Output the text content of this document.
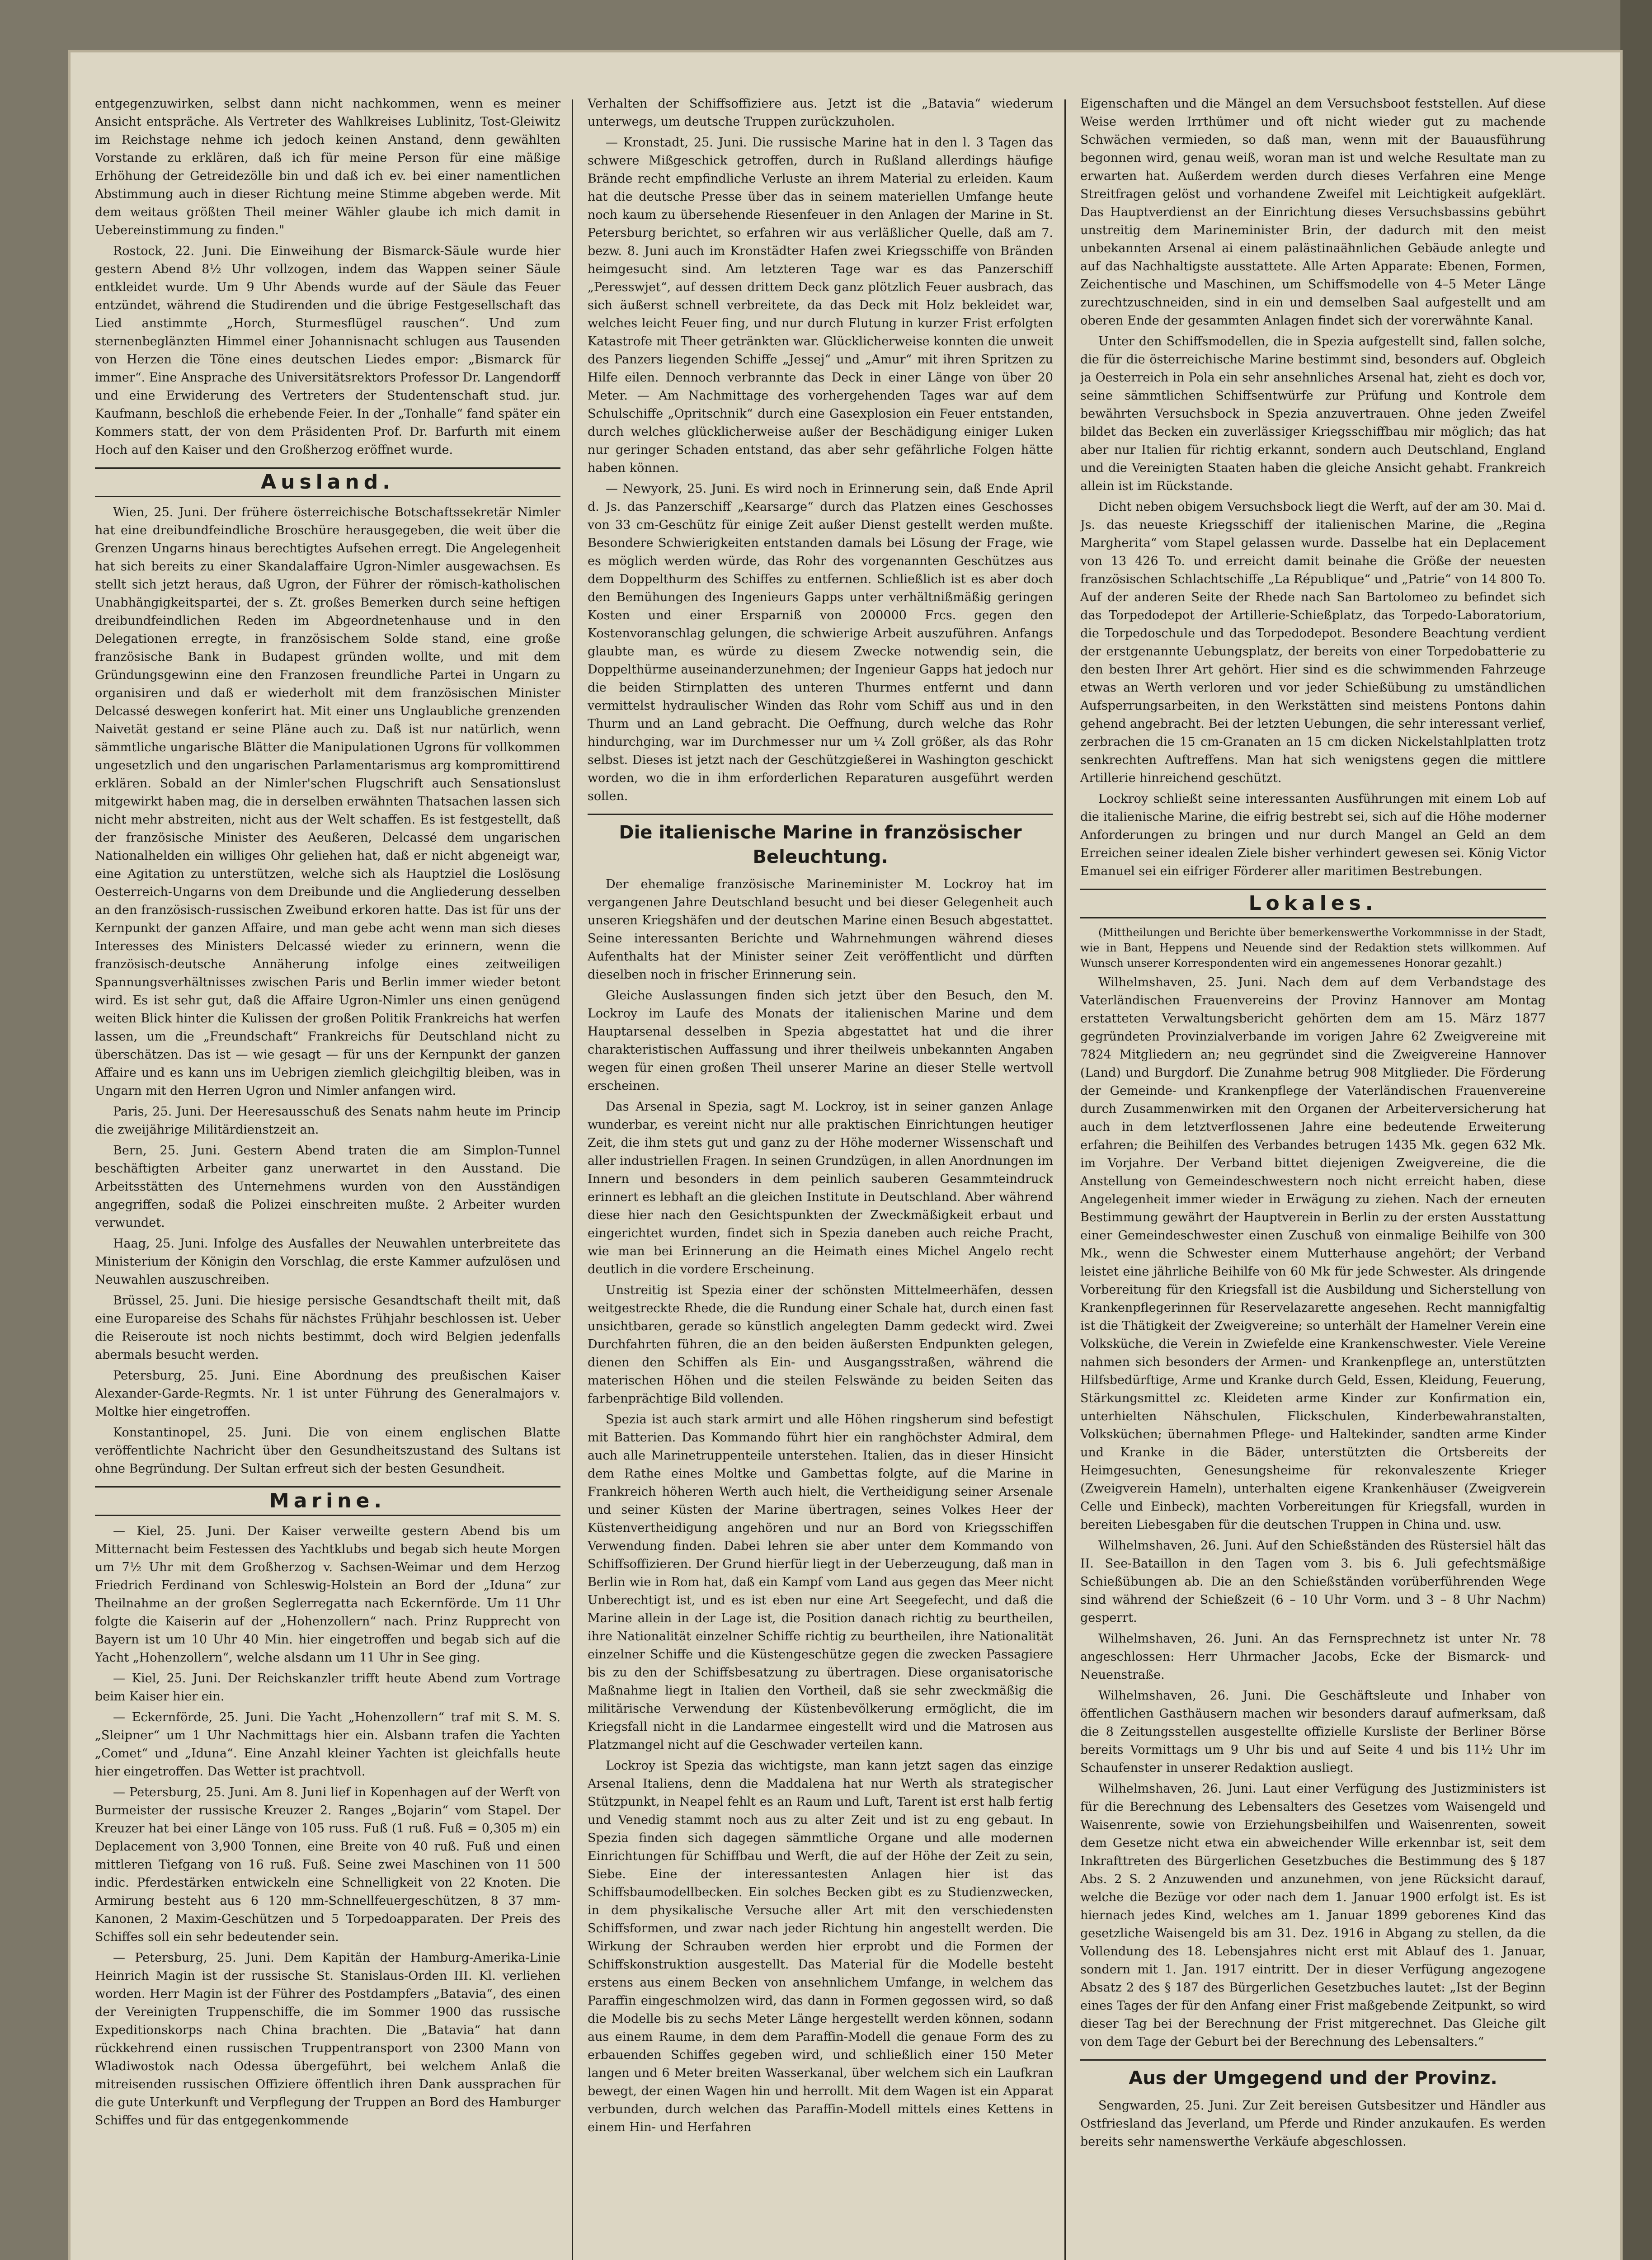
entgegenzuwirken, selbst dann nicht nachkommen, wenn es meiner Ansicht entspräche. Als Vertreter des Wahlkreises Lublinitz, Tost-Gleiwitz im Reichstage nehme ich jedoch keinen Anstand, denn gewählten Vorstande zu erklären, daß ich für meine Person für eine mäßige Erhöhung der Getreidezölle bin und daß ich ev. bei einer namentlichen Abstimmung auch in dieser Richtung meine Stimme abgeben werde. Mit dem weitaus größten Theil meiner Wähler glaube ich mich damit in Uebereinstimmung zu finden."

Rostock, 22. Juni. Die Einweihung der Bismarck-Säule wurde hier gestern Abend 8½ Uhr vollzogen, indem das Wappen seiner Säule entkleidet wurde. Um 9 Uhr Abends wurde auf der Säule das Feuer entzündet, während die Studirenden und die übrige Festgesellschaft das Lied anstimmte „Horch, Sturmesflügel rauschen“. Und zum sternenbeglänzten Himmel einer Johannisnacht schlugen aus Tausenden von Herzen die Töne eines deutschen Liedes empor: „Bismarck für immer“. Eine Ansprache des Universitätsrektors Professor Dr. Langendorff und eine Erwiderung des Vertreters der Studentenschaft stud. jur. Kaufmann, beschloß die erhebende Feier. In der „Tonhalle“ fand später ein Kommers statt, der von dem Präsidenten Prof. Dr. Barfurth mit einem Hoch auf den Kaiser und den Großherzog eröffnet wurde.

Ausland.

Wien, 25. Juni. Der frühere österreichische Botschaftssekretär Nimler hat eine dreibundfeindliche Broschüre herausgegeben, die weit über die Grenzen Ungarns hinaus berechtigtes Aufsehen erregt. Die Angelegenheit hat sich bereits zu einer Skandalaffaire Ugron-Nimler ausgewachsen. Es stellt sich jetzt heraus, daß Ugron, der Führer der römisch-katholischen Unabhängigkeitspartei, der s. Zt. großes Bemerken durch seine heftigen dreibundfeindlichen Reden im Abgeordnetenhause und in den Delegationen erregte, in französischem Solde stand, eine große französische Bank in Budapest gründen wollte, und mit dem Gründungsgewinn eine den Franzosen freundliche Partei in Ungarn zu organisiren und daß er wiederholt mit dem französischen Minister Delcassé deswegen konferirt hat. Mit einer uns Unglaubliche grenzenden Naivetät gestand er seine Pläne auch zu. Daß ist nur natürlich, wenn sämmtliche ungarische Blätter die Manipulationen Ugrons für vollkommen ungesetzlich und den ungarischen Parlamentarismus arg kompromittirend erklären. Sobald an der Nimler'schen Flugschrift auch Sensationslust mitgewirkt haben mag, die in derselben erwähnten Thatsachen lassen sich nicht mehr abstreiten, nicht aus der Welt schaffen. Es ist festgestellt, daß der französische Minister des Aeußeren, Delcassé dem ungarischen Nationalhelden ein williges Ohr geliehen hat, daß er nicht abgeneigt war, eine Agitation zu unterstützen, welche sich als Hauptziel die Loslösung Oesterreich-Ungarns von dem Dreibunde und die Angliederung desselben an den französisch-russischen Zweibund erkoren hatte. Das ist für uns der Kernpunkt der ganzen Affaire, und man gebe acht wenn man sich dieses Interesses des Ministers Delcassé wieder zu erinnern, wenn die französisch-deutsche Annäherung infolge eines zeitweiligen Spannungsverhältnisses zwischen Paris und Berlin immer wieder betont wird. Es ist sehr gut, daß die Affaire Ugron-Nimler uns einen genügend weiten Blick hinter die Kulissen der großen Politik Frankreichs hat werfen lassen, um die „Freundschaft“ Frankreichs für Deutschland nicht zu überschätzen. Das ist — wie gesagt — für uns der Kernpunkt der ganzen Affaire und es kann uns im Uebrigen ziemlich gleichgiltig bleiben, was in Ungarn mit den Herren Ugron und Nimler anfangen wird.

Paris, 25. Juni. Der Heeresausschuß des Senats nahm heute im Princip die zweijährige Militärdienstzeit an.

Bern, 25. Juni. Gestern Abend traten die am Simplon-Tunnel beschäftigten Arbeiter ganz unerwartet in den Ausstand. Die Arbeitsstätten des Unternehmens wurden von den Ausständigen angegriffen, sodaß die Polizei einschreiten mußte. 2 Arbeiter wurden verwundet.

Haag, 25. Juni. Infolge des Ausfalles der Neuwahlen unterbreitete das Ministerium der Königin den Vorschlag, die erste Kammer aufzulösen und Neuwahlen auszuschreiben.

Brüssel, 25. Juni. Die hiesige persische Gesandtschaft theilt mit, daß eine Europareise des Schahs für nächstes Frühjahr beschlossen ist. Ueber die Reiseroute ist noch nichts bestimmt, doch wird Belgien jedenfalls abermals besucht werden.

Petersburg, 25. Juni. Eine Abordnung des preußischen Kaiser Alexander-Garde-Regmts. Nr. 1 ist unter Führung des Generalmajors v. Moltke hier eingetroffen.

Konstantinopel, 25. Juni. Die von einem englischen Blatte veröffentlichte Nachricht über den Gesundheitszustand des Sultans ist ohne Begründung. Der Sultan erfreut sich der besten Gesundheit.

Marine.

— Kiel, 25. Juni. Der Kaiser verweilte gestern Abend bis um Mitternacht beim Festessen des Yachtklubs und begab sich heute Morgen um 7½ Uhr mit dem Großherzog v. Sachsen-Weimar und dem Herzog Friedrich Ferdinand von Schleswig-Holstein an Bord der „Iduna“ zur Theilnahme an der großen Seglerregatta nach Eckernförde. Um 11 Uhr folgte die Kaiserin auf der „Hohenzollern“ nach. Prinz Rupprecht von Bayern ist um 10 Uhr 40 Min. hier eingetroffen und begab sich auf die Yacht „Hohenzollern“, welche alsdann um 11 Uhr in See ging.

— Kiel, 25. Juni. Der Reichskanzler trifft heute Abend zum Vortrage beim Kaiser hier ein.

— Eckernförde, 25. Juni. Die Yacht „Hohenzollern“ traf mit S. M. S. „Sleipner“ um 1 Uhr Nachmittags hier ein. Alsbann trafen die Yachten „Comet“ und „Iduna“. Eine Anzahl kleiner Yachten ist gleichfalls heute hier eingetroffen. Das Wetter ist prachtvoll.

— Petersburg, 25. Juni. Am 8. Juni lief in Kopenhagen auf der Werft von Burmeister der russische Kreuzer 2. Ranges „Bojarin“ vom Stapel. Der Kreuzer hat bei einer Länge von 105 russ. Fuß (1 ruß. Fuß = 0,305 m) ein Deplacement von 3,900 Tonnen, eine Breite von 40 ruß. Fuß und einen mittleren Tiefgang von 16 ruß. Fuß. Seine zwei Maschinen von 11 500 indic. Pferdestärken entwickeln eine Schnelligkeit von 22 Knoten. Die Armirung besteht aus 6 120 mm-Schnellfeuergeschützen, 8 37 mm-Kanonen, 2 Maxim-Geschützen und 5 Torpedoapparaten. Der Preis des Schiffes soll ein sehr bedeutender sein.

— Petersburg, 25. Juni. Dem Kapitän der Hamburg-Amerika-Linie Heinrich Magin ist der russische St. Stanislaus-Orden III. Kl. verliehen worden. Herr Magin ist der Führer des Postdampfers „Batavia“, des einen der Vereinigten Truppenschiffe, die im Sommer 1900 das russische Expeditionskorps nach China brachten. Die „Batavia“ hat dann rückkehrend einen russischen Truppentransport von 2300 Mann von Wladiwostok nach Odessa übergeführt, bei welchem Anlaß die mitreisenden russischen Offiziere öffentlich ihren Dank aussprachen für die gute Unterkunft und Verpflegung der Truppen an Bord des Hamburger Schiffes und für das entgegenkommende

Verhalten der Schiffsoffiziere aus. Jetzt ist die „Batavia“ wiederum unterwegs, um deutsche Truppen zurückzuholen.

— Kronstadt, 25. Juni. Die russische Marine hat in den l. 3 Tagen das schwere Mißgeschick getroffen, durch in Rußland allerdings häufige Brände recht empfindliche Verluste an ihrem Material zu erleiden. Kaum hat die deutsche Presse über das in seinem materiellen Umfange heute noch kaum zu übersehende Riesenfeuer in den Anlagen der Marine in St. Petersburg berichtet, so erfahren wir aus verläßlicher Quelle, daß am 7. bezw. 8. Juni auch im Kronstädter Hafen zwei Kriegsschiffe von Bränden heimgesucht sind. Am letzteren Tage war es das Panzerschiff „Peresswjet“, auf dessen drittem Deck ganz plötzlich Feuer ausbrach, das sich äußerst schnell verbreitete, da das Deck mit Holz bekleidet war, welches leicht Feuer fing, und nur durch Flutung in kurzer Frist erfolgten Katastrofe mit Theer getränkten war. Glücklicherweise konnten die unweit des Panzers liegenden Schiffe „Jessej“ und „Amur“ mit ihren Spritzen zu Hilfe eilen. Dennoch verbrannte das Deck in einer Länge von über 20 Meter. — Am Nachmittage des vorhergehenden Tages war auf dem Schulschiffe „Opritschnik“ durch eine Gasexplosion ein Feuer entstanden, durch welches glücklicherweise außer der Beschädigung einiger Luken nur geringer Schaden entstand, das aber sehr gefährliche Folgen hätte haben können.

— Newyork, 25. Juni. Es wird noch in Erinnerung sein, daß Ende April d. Js. das Panzerschiff „Kearsarge“ durch das Platzen eines Geschosses von 33 cm-Geschütz für einige Zeit außer Dienst gestellt werden mußte. Besondere Schwierigkeiten entstanden damals bei Lösung der Frage, wie es möglich werden würde, das Rohr des vorgenannten Geschützes aus dem Doppelthurm des Schiffes zu entfernen. Schließlich ist es aber doch den Bemühungen des Ingenieurs Gapps unter verhältnißmäßig geringen Kosten und einer Ersparniß von 200000 Frcs. gegen den Kostenvoranschlag gelungen, die schwierige Arbeit auszuführen. Anfangs glaubte man, es würde zu diesem Zwecke notwendig sein, die Doppelthürme auseinanderzunehmen; der Ingenieur Gapps hat jedoch nur die beiden Stirnplatten des unteren Thurmes entfernt und dann vermittelst hydraulischer Winden das Rohr vom Schiff aus und in den Thurm und an Land gebracht. Die Oeffnung, durch welche das Rohr hindurchging, war im Durchmesser nur um ¼ Zoll größer, als das Rohr selbst. Dieses ist jetzt nach der Geschützgießerei in Washington geschickt worden, wo die in ihm erforderlichen Reparaturen ausgeführt werden sollen.

Die italienische Marine in französischer Beleuchtung.

Der ehemalige französische Marineminister M. Lockroy hat im vergangenen Jahre Deutschland besucht und bei dieser Gelegenheit auch unseren Kriegshäfen und der deutschen Marine einen Besuch abgestattet. Seine interessanten Berichte und Wahrnehmungen während dieses Aufenthalts hat der Minister seiner Zeit veröffentlicht und dürften dieselben noch in frischer Erinnerung sein.

Gleiche Auslassungen finden sich jetzt über den Besuch, den M. Lockroy im Laufe des Monats der italienischen Marine und dem Hauptarsenal desselben in Spezia abgestattet hat und die ihrer charakteristischen Auffassung und ihrer theilweis unbekannten Angaben wegen für einen großen Theil unserer Marine an dieser Stelle wertvoll erscheinen.

Das Arsenal in Spezia, sagt M. Lockroy, ist in seiner ganzen Anlage wunderbar, es vereint nicht nur alle praktischen Einrichtungen heutiger Zeit, die ihm stets gut und ganz zu der Höhe moderner Wissenschaft und aller industriellen Fragen. In seinen Grundzügen, in allen Anordnungen im Innern und besonders in dem peinlich sauberen Gesammteindruck erinnert es lebhaft an die gleichen Institute in Deutschland. Aber während diese hier nach den Gesichtspunkten der Zweckmäßigkeit erbaut und eingerichtet wurden, findet sich in Spezia daneben auch reiche Pracht, wie man bei Erinnerung an die Heimath eines Michel Angelo recht deutlich in die vordere Erscheinung.

Unstreitig ist Spezia einer der schönsten Mittelmeerhäfen, dessen weitgestreckte Rhede, die die Rundung einer Schale hat, durch einen fast unsichtbaren, gerade so künstlich angelegten Damm gedeckt wird. Zwei Durchfahrten führen, die an den beiden äußersten Endpunkten gelegen, dienen den Schiffen als Ein- und Ausgangsstraßen, während die materischen Höhen und die steilen Felswände zu beiden Seiten das farbenprächtige Bild vollenden.

Spezia ist auch stark armirt und alle Höhen ringsherum sind befestigt mit Batterien. Das Kommando führt hier ein ranghöchster Admiral, dem auch alle Marinetruppenteile unterstehen. Italien, das in dieser Hinsicht dem Rathe eines Moltke und Gambettas folgte, auf die Marine in Frankreich höheren Werth auch hielt, die Vertheidigung seiner Arsenale und seiner Küsten der Marine übertragen, seines Volkes Heer der Küstenvertheidigung angehören und nur an Bord von Kriegsschiffen Verwendung finden. Dabei lehren sie aber unter dem Kommando von Schiffsoffizieren. Der Grund hierfür liegt in der Ueberzeugung, daß man in Berlin wie in Rom hat, daß ein Kampf vom Land aus gegen das Meer nicht Unberechtigt ist, und es ist eben nur eine Art Seegefecht, und daß die Marine allein in der Lage ist, die Position danach richtig zu beurtheilen, ihre Nationalität einzelner Schiffe richtig zu beurtheilen, ihre Nationalität einzelner Schiffe und die Küstengeschütze gegen die zwecken Passagiere bis zu den der Schiffsbesatzung zu übertragen. Diese organisatorische Maßnahme liegt in Italien den Vortheil, daß sie sehr zweckmäßig die militärische Verwendung der Küstenbevölkerung ermöglicht, die im Kriegsfall nicht in die Landarmee eingestellt wird und die Matrosen aus Platzmangel nicht auf die Geschwader verteilen kann.

Lockroy ist Spezia das wichtigste, man kann jetzt sagen das einzige Arsenal Italiens, denn die Maddalena hat nur Werth als strategischer Stützpunkt, in Neapel fehlt es an Raum und Luft, Tarent ist erst halb fertig und Venedig stammt noch aus zu alter Zeit und ist zu eng gebaut. In Spezia finden sich dagegen sämmtliche Organe und alle modernen Einrichtungen für Schiffbau und Werft, die auf der Höhe der Zeit zu sein, Siebe. Eine der interessantesten Anlagen hier ist das Schiffsbaumodellbecken. Ein solches Becken gibt es zu Studienzwecken, in dem physikalische Versuche aller Art mit den verschiedensten Schiffsformen, und zwar nach jeder Richtung hin angestellt werden. Die Wirkung der Schrauben werden hier erprobt und die Formen der Schiffskonstruktion ausgestellt. Das Material für die Modelle besteht erstens aus einem Becken von ansehnlichem Umfange, in welchem das Paraffin eingeschmolzen wird, das dann in Formen gegossen wird, so daß die Modelle bis zu sechs Meter Länge hergestellt werden können, sodann aus einem Raume, in dem dem Paraffin-Modell die genaue Form des zu erbauenden Schiffes gegeben wird, und schließlich einer 150 Meter langen und 6 Meter breiten Wasserkanal, über welchem sich ein Laufkran bewegt, der einen Wagen hin und herrollt. Mit dem Wagen ist ein Apparat verbunden, durch welchen das Paraffin-Modell mittels eines Kettens in einem Hin- und Herfahren

Eigenschaften und die Mängel an dem Versuchsboot feststellen. Auf diese Weise werden Irrthümer und oft nicht wieder gut zu machende Schwächen vermieden, so daß man, wenn mit der Bauausführung begonnen wird, genau weiß, woran man ist und welche Resultate man zu erwarten hat. Außerdem werden durch dieses Verfahren eine Menge Streitfragen gelöst und vorhandene Zweifel mit Leichtigkeit aufgeklärt. Das Hauptverdienst an der Einrichtung dieses Versuchsbassins gebührt unstreitig dem Marineminister Brin, der dadurch mit den meist unbekannten Arsenal ai einem palästinaähnlichen Gebäude anlegte und auf das Nachhaltigste ausstattete. Alle Arten Apparate: Ebenen, Formen, Zeichentische und Maschinen, um Schiffsmodelle von 4–5 Meter Länge zurechtzuschneiden, sind in ein und demselben Saal aufgestellt und am oberen Ende der gesammten Anlagen findet sich der vorerwähnte Kanal.

Unter den Schiffsmodellen, die in Spezia aufgestellt sind, fallen solche, die für die österreichische Marine bestimmt sind, besonders auf. Obgleich ja Oesterreich in Pola ein sehr ansehnliches Arsenal hat, zieht es doch vor, seine sämmtlichen Schiffsentwürfe zur Prüfung und Kontrole dem bewährten Versuchsbock in Spezia anzuvertrauen. Ohne jeden Zweifel bildet das Becken ein zuverlässiger Kriegsschiffbau mir möglich; das hat aber nur Italien für richtig erkannt, sondern auch Deutschland, England und die Vereinigten Staaten haben die gleiche Ansicht gehabt. Frankreich allein ist im Rückstande.

Dicht neben obigem Versuchsbock liegt die Werft, auf der am 30. Mai d. Js. das neueste Kriegsschiff der italienischen Marine, die „Regina Margherita“ vom Stapel gelassen wurde. Dasselbe hat ein Deplacement von 13 426 To. und erreicht damit beinahe die Größe der neuesten französischen Schlachtschiffe „La République“ und „Patrie“ von 14 800 To. Auf der anderen Seite der Rhede nach San Bartolomeo zu befindet sich das Torpedodepot der Artillerie-Schießplatz, das Torpedo-Laboratorium, die Torpedoschule und das Torpedodepot. Besondere Beachtung verdient der erstgenannte Uebungsplatz, der bereits von einer Torpedobatterie zu den besten Ihrer Art gehört. Hier sind es die schwimmenden Fahrzeuge etwas an Werth verloren und vor jeder Schießübung zu umständlichen Aufsperrungsarbeiten, in den Werkstätten sind meistens Pontons dahin gehend angebracht. Bei der letzten Uebungen, die sehr interessant verlief, zerbrachen die 15 cm-Granaten an 15 cm dicken Nickelstahlplatten trotz senkrechten Auftreffens. Man hat sich wenigstens gegen die mittlere Artillerie hinreichend geschützt.

Lockroy schließt seine interessanten Ausführungen mit einem Lob auf die italienische Marine, die eifrig bestrebt sei, sich auf die Höhe moderner Anforderungen zu bringen und nur durch Mangel an Geld an dem Erreichen seiner idealen Ziele bisher verhindert gewesen sei. König Victor Emanuel sei ein eifriger Förderer aller maritimen Bestrebungen.

Lokales.

(Mittheilungen und Berichte über bemerkenswerthe Vorkommnisse in der Stadt, wie in Bant, Heppens und Neuende sind der Redaktion stets willkommen. Auf Wunsch unserer Korrespondenten wird ein angemessenes Honorar gezahlt.)

Wilhelmshaven, 25. Juni. Nach dem auf dem Verbandstage des Vaterländischen Frauenvereins der Provinz Hannover am Montag erstatteten Verwaltungsbericht gehörten dem am 15. März 1877 gegründeten Provinzialverbande im vorigen Jahre 62 Zweigvereine mit 7824 Mitgliedern an; neu gegründet sind die Zweigvereine Hannover (Land) und Burgdorf. Die Zunahme betrug 908 Mitglieder. Die Förderung der Gemeinde- und Krankenpflege der Vaterländischen Frauenvereine durch Zusammenwirken mit den Organen der Arbeiterversicherung hat auch in dem letztverflossenen Jahre eine bedeutende Erweiterung erfahren; die Beihilfen des Verbandes betrugen 1435 Mk. gegen 632 Mk. im Vorjahre. Der Verband bittet diejenigen Zweigvereine, die die Anstellung von Gemeindeschwestern noch nicht erreicht haben, diese Angelegenheit immer wieder in Erwägung zu ziehen. Nach der erneuten Bestimmung gewährt der Hauptverein in Berlin zu der ersten Ausstattung einer Gemeindeschwester einen Zuschuß von einmalige Beihilfe von 300 Mk., wenn die Schwester einem Mutterhause angehört; der Verband leistet eine jährliche Beihilfe von 60 Mk für jede Schwester. Als dringende Vorbereitung für den Kriegsfall ist die Ausbildung und Sicherstellung von Krankenpflegerinnen für Reservelazarette angesehen. Recht mannigfaltig ist die Thätigkeit der Zweigvereine; so unterhält der Hamelner Verein eine Volksküche, die Verein in Zwiefelde eine Krankenschwester. Viele Vereine nahmen sich besonders der Armen- und Krankenpflege an, unterstützten Hilfsbedürftige, Arme und Kranke durch Geld, Essen, Kleidung, Feuerung, Stärkungsmittel zc. Kleideten arme Kinder zur Konfirmation ein, unterhielten Nähschulen, Flickschulen, Kinderbewahranstalten, Volksküchen; übernahmen Pflege- und Haltekinder, sandten arme Kinder und Kranke in die Bäder, unterstützten die Ortsbereits der Heimgesuchten, Genesungsheime für rekonvaleszente Krieger (Zweigverein Hameln), unterhalten eigene Krankenhäuser (Zweigverein Celle und Einbeck), machten Vorbereitungen für Kriegsfall, wurden in bereiten Liebesgaben für die deutschen Truppen in China und. usw.

Wilhelmshaven, 26. Juni. Auf den Schießständen des Rüstersiel hält das II. See-Bataillon in den Tagen vom 3. bis 6. Juli gefechtsmäßige Schießübungen ab. Die an den Schießständen vorüberführenden Wege sind während der Schießzeit (6 – 10 Uhr Vorm. und 3 – 8 Uhr Nachm) gesperrt.

Wilhelmshaven, 26. Juni. An das Fernsprechnetz ist unter Nr. 78 angeschlossen: Herr Uhrmacher Jacobs, Ecke der Bismarck- und Neuenstraße.

Wilhelmshaven, 26. Juni. Die Geschäftsleute und Inhaber von öffentlichen Gasthäusern machen wir besonders darauf aufmerksam, daß die 8 Zeitungsstellen ausgestellte offizielle Kursliste der Berliner Börse bereits Vormittags um 9 Uhr bis und auf Seite 4 und bis 11½ Uhr im Schaufenster in unserer Redaktion ausliegt.

Wilhelmshaven, 26. Juni. Laut einer Verfügung des Justizministers ist für die Berechnung des Lebensalters des Gesetzes vom Waisengeld und Waisenrente, sowie von Erziehungsbeihilfen und Waisenrenten, soweit dem Gesetze nicht etwa ein abweichender Wille erkennbar ist, seit dem Inkrafttreten des Bürgerlichen Gesetzbuches die Bestimmung des § 187 Abs. 2 S. 2 Anzuwenden und anzunehmen, von jene Rücksicht darauf, welche die Bezüge vor oder nach dem 1. Januar 1900 erfolgt ist. Es ist hiernach jedes Kind, welches am 1. Januar 1899 geborenes Kind das gesetzliche Waisengeld bis am 31. Dez. 1916 in Abgang zu stellen, da die Vollendung des 18. Lebensjahres nicht erst mit Ablauf des 1. Januar, sondern mit 1. Jan. 1917 eintritt. Der in dieser Verfügung angezogene Absatz 2 des § 187 des Bürgerlichen Gesetzbuches lautet: „Ist der Beginn eines Tages der für den Anfang einer Frist maßgebende Zeitpunkt, so wird dieser Tag bei der Berechnung der Frist mitgerechnet. Das Gleiche gilt von dem Tage der Geburt bei der Berechnung des Lebensalters.“

Aus der Umgegend und der Provinz.

Sengwarden, 25. Juni. Zur Zeit bereisen Gutsbesitzer und Händler aus Ostfriesland das Jeverland, um Pferde und Rinder anzukaufen. Es werden bereits sehr namenswerthe Verkäufe abgeschlossen.
